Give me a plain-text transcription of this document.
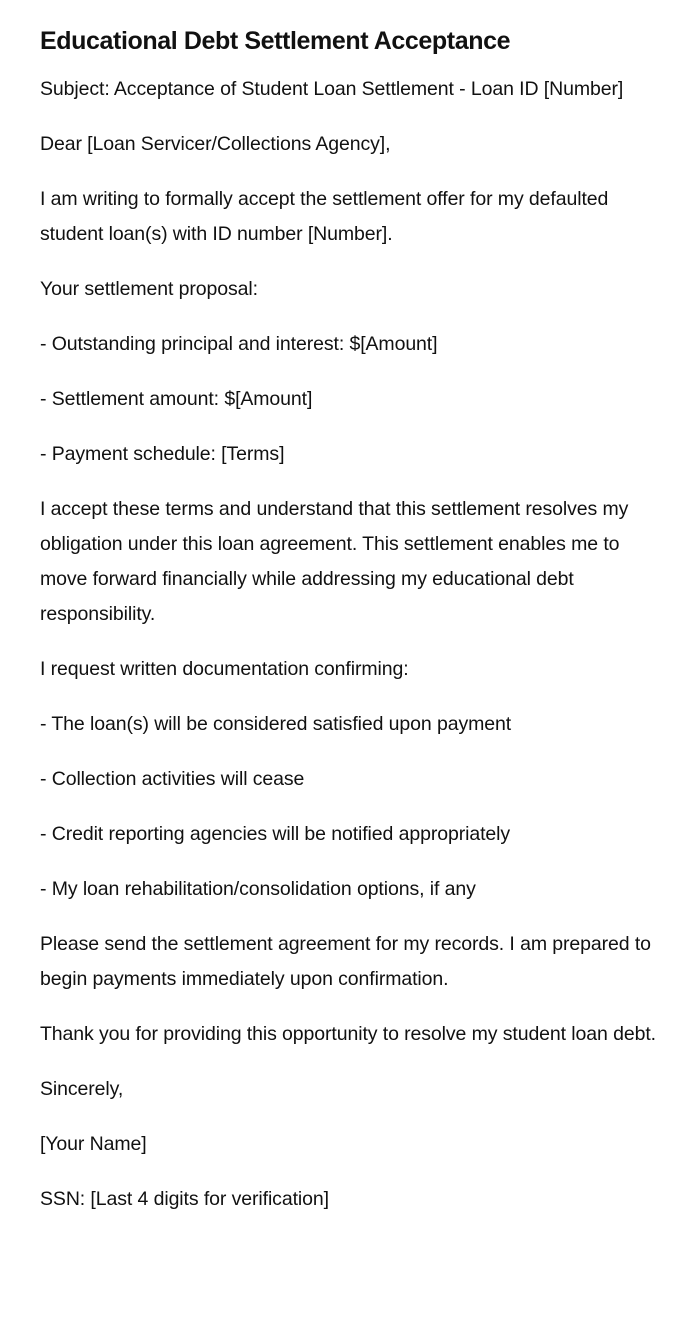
Educational Debt Settlement Acceptance

Subject: Acceptance of Student Loan Settlement - Loan ID [Number]

Dear [Loan Servicer/Collections Agency],

I am writing to formally accept the settlement offer for my defaulted student loan(s) with ID number [Number].

Your settlement proposal:

- Outstanding principal and interest: $[Amount]

- Settlement amount: $[Amount]

- Payment schedule: [Terms]

I accept these terms and understand that this settlement resolves my obligation under this loan agreement. This settlement enables me to move forward financially while addressing my educational debt responsibility.

I request written documentation confirming:

- The loan(s) will be considered satisfied upon payment

- Collection activities will cease

- Credit reporting agencies will be notified appropriately

- My loan rehabilitation/consolidation options, if any

Please send the settlement agreement for my records. I am prepared to begin payments immediately upon confirmation.

Thank you for providing this opportunity to resolve my student loan debt.

Sincerely,

[Your Name]

SSN: [Last 4 digits for verification]
